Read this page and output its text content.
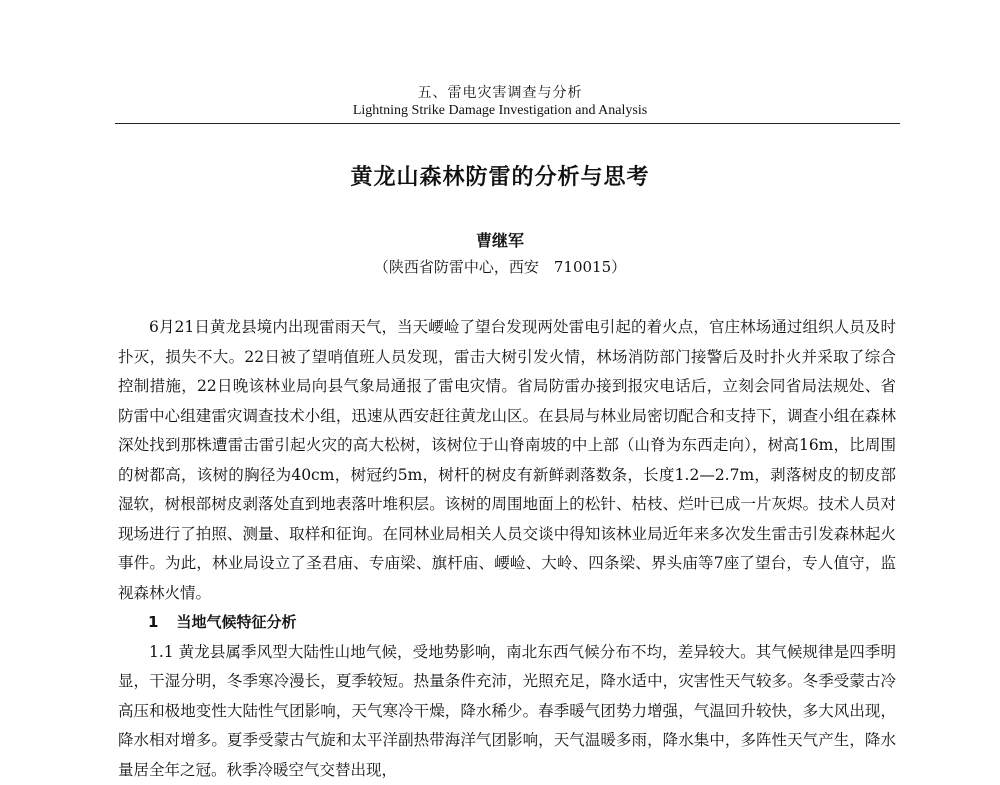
五、雷电灾害调查与分析
Lightning Strike Damage Investigation and Analysis
黄龙山森林防雷的分析与思考
曹继军
（陕西省防雷中心，西安　710015）

6月21日黄龙县境内出现雷雨天气，当天崾崄了望台发现两处雷电引起的着火点，官庄林场通过组织人员及时扑灭，损失不大。22日被了望哨值班人员发现，雷击大树引发火情，林场消防部门接警后及时扑火并采取了综合控制措施，22日晚该林业局向县气象局通报了雷电灾情。省局防雷办接到报灾电话后，立刻会同省局法规处、省防雷中心组建雷灾调查技术小组，迅速从西安赶往黄龙山区。在县局与林业局密切配合和支持下，调查小组在森林深处找到那株遭雷击雷引起火灾的高大松树，该树位于山脊南坡的中上部（山脊为东西走向），树高16m，比周围的树都高，该树的胸径为40cm，树冠约5m，树杆的树皮有新鲜剥落数条，长度1.2—2.7m，剥落树皮的韧皮部湿软，树根部树皮剥落处直到地表落叶堆积层。该树的周围地面上的松针、枯枝、烂叶已成一片灰烬。技术人员对现场进行了拍照、测量、取样和征询。在同林业局相关人员交谈中得知该林业局近年来多次发生雷击引发森林起火事件。为此，林业局设立了圣君庙、专庙梁、旗杆庙、崾崄、大岭、四条梁、界头庙等7座了望台，专人值守，监视森林火情。

1 当地气候特征分析

1.1 黄龙县属季风型大陆性山地气候，受地势影响，南北东西气候分布不均，差异较大。其气候规律是四季明显，干湿分明，冬季寒冷漫长，夏季较短。热量条件充沛，光照充足，降水适中，灾害性天气较多。冬季受蒙古冷高压和极地变性大陆性气团影响，天气寒冷干燥，降水稀少。春季暖气团势力增强，气温回升较快，多大风出现，降水相对增多。夏季受蒙古气旋和太平洋副热带海洋气团影响，天气温暖多雨，降水集中，多阵性天气产生，降水量居全年之冠。秋季冷暖空气交替出现，
